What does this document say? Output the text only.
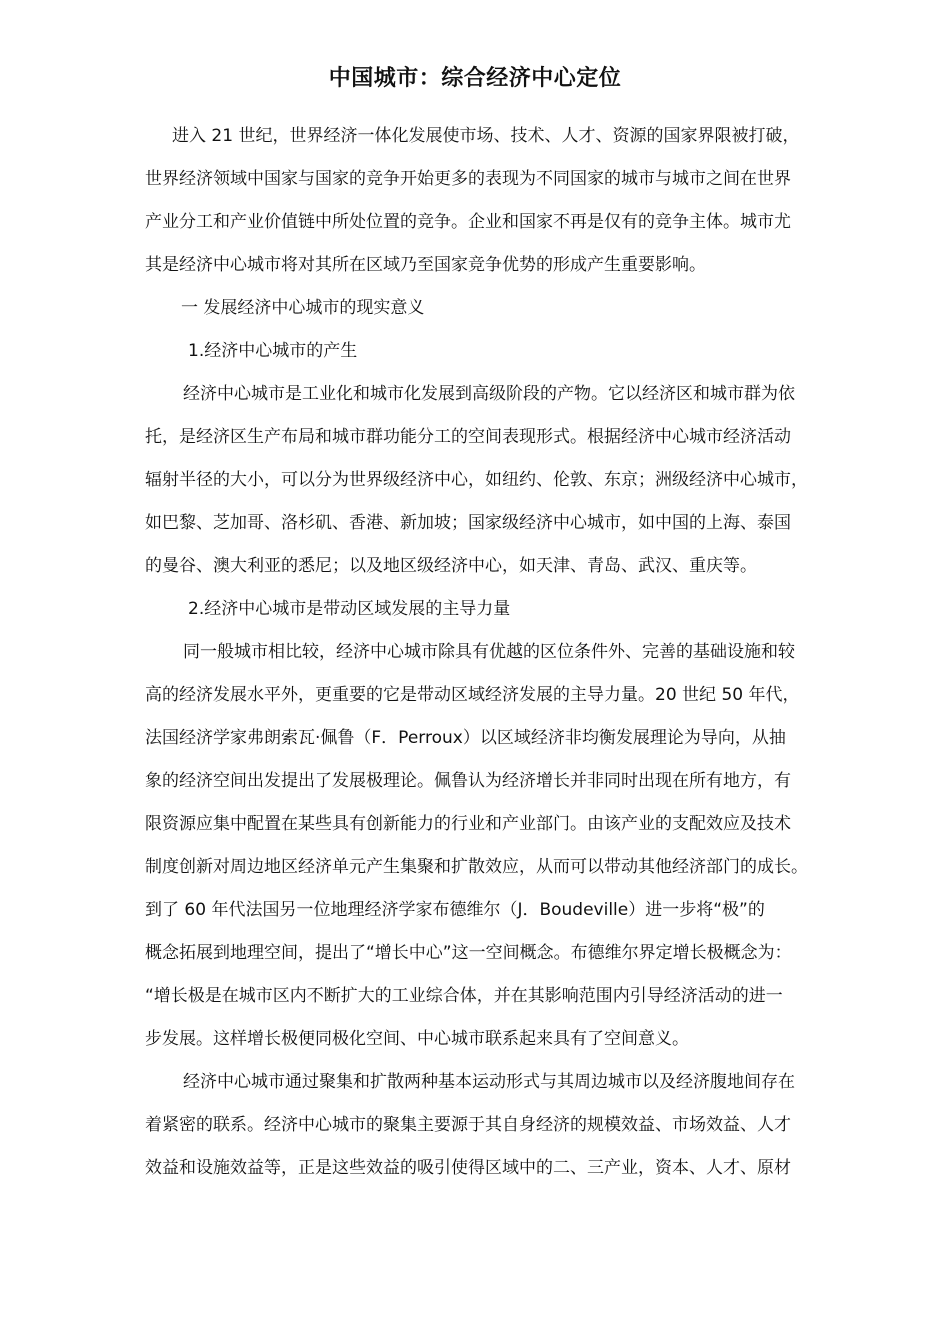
中国城市：综合经济中心定位
进入 21 世纪，世界经济一体化发展使市场、技术、人才、资源的国家界限被打破，
世界经济领域中国家与国家的竞争开始更多的表现为不同国家的城市与城市之间在世界
产业分工和产业价值链中所处位置的竞争。企业和国家不再是仅有的竞争主体。城市尤
其是经济中心城市将对其所在区域乃至国家竞争优势的形成产生重要影响。
一 发展经济中心城市的现实意义
1.经济中心城市的产生
经济中心城市是工业化和城市化发展到高级阶段的产物。它以经济区和城市群为依
托，是经济区生产布局和城市群功能分工的空间表现形式。根据经济中心城市经济活动
辐射半径的大小，可以分为世界级经济中心，如纽约、伦敦、东京；洲级经济中心城市，
如巴黎、芝加哥、洛杉矶、香港、新加坡；国家级经济中心城市，如中国的上海、泰国
的曼谷、澳大利亚的悉尼；以及地区级经济中心，如天津、青岛、武汉、重庆等。
2.经济中心城市是带动区域发展的主导力量
同一般城市相比较，经济中心城市除具有优越的区位条件外、完善的基础设施和较
高的经济发展水平外，更重要的它是带动区域经济发展的主导力量。20 世纪 50 年代，
法国经济学家弗朗索瓦·佩鲁（F．Perroux）以区域经济非均衡发展理论为导向，从抽
象的经济空间出发提出了发展极理论。佩鲁认为经济增长并非同时出现在所有地方，有
限资源应集中配置在某些具有创新能力的行业和产业部门。由该产业的支配效应及技术
制度创新对周边地区经济单元产生集聚和扩散效应，从而可以带动其他经济部门的成长。
到了 60 年代法国另一位地理经济学家布德维尔（J．Boudeville）进一步将“极”的
概念拓展到地理空间，提出了“增长中心”这一空间概念。布德维尔界定增长极概念为：
“增长极是在城市区内不断扩大的工业综合体，并在其影响范围内引导经济活动的进一
步发展。这样增长极便同极化空间、中心城市联系起来具有了空间意义。
经济中心城市通过聚集和扩散两种基本运动形式与其周边城市以及经济腹地间存在
着紧密的联系。经济中心城市的聚集主要源于其自身经济的规模效益、市场效益、人才
效益和设施效益等，正是这些效益的吸引使得区域中的二、三产业，资本、人才、原材
